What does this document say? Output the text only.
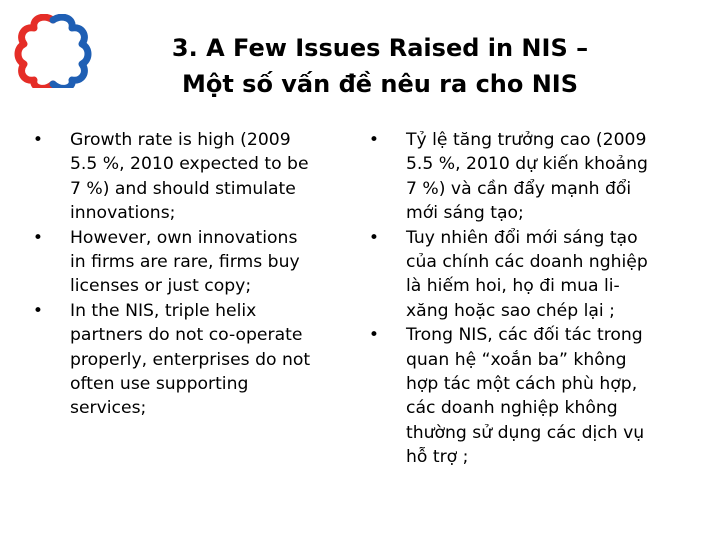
3. A Few Issues Raised in NIS –
Một số vấn đề nêu ra cho NIS
• Growth rate is high (2009
5.5 %, 2010 expected to be
7 %) and should stimulate
innovations;
• However, own innovations
in firms are rare, firms buy
licenses or just copy;
• In the NIS, triple helix
partners do not co-operate
properly, enterprises do not
often use supporting
services;
• Tỷ lệ tăng trưởng cao (2009
5.5 %, 2010 dự kiến khoảng
7 %) và cần đẩy mạnh đổi
mới sáng tạo;
• Tuy nhiên đổi mới sáng tạo
của chính các doanh nghiệp
là hiếm hoi, họ đi mua li-
xăng hoặc sao chép lại ;
• Trong NIS, các đối tác trong
quan hệ “xoắn ba” không
hợp tác một cách phù hợp,
các doanh nghiệp không
thường sử dụng các dịch vụ
hỗ trợ ;
